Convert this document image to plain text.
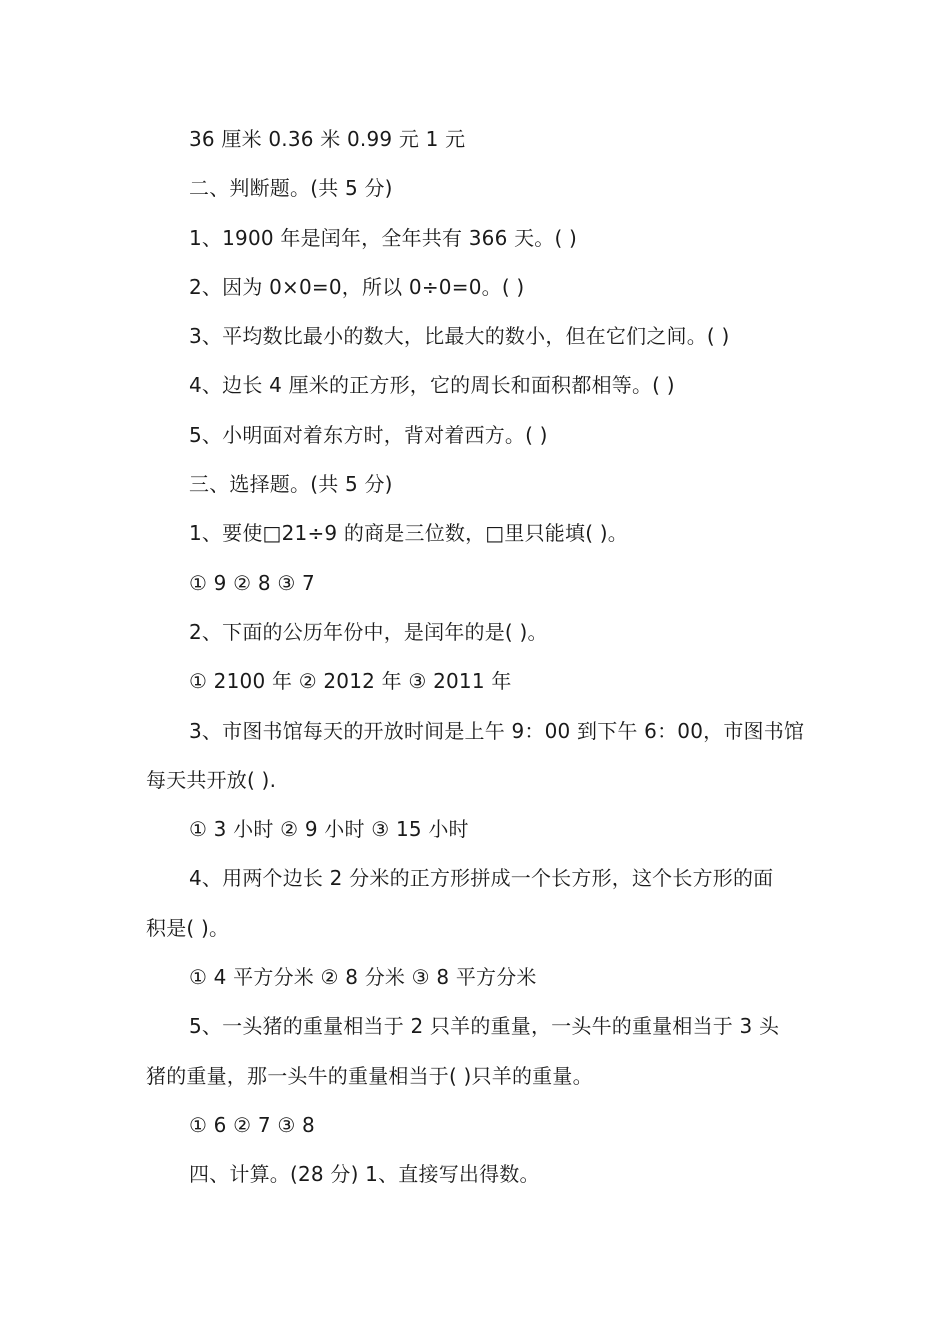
36 厘米 0.36 米 0.99 元 1 元
二、判断题。(共 5 分)
1、1900 年是闰年，全年共有 366 天。( )
2、因为 0×0=0，所以 0÷0=0。( )
3、平均数比最小的数大，比最大的数小，但在它们之间。( )
4、边长 4 厘米的正方形，它的周长和面积都相等。( )
5、小明面对着东方时，背对着西方。( )
三、选择题。(共 5 分)
1、要使□21÷9 的商是三位数，□里只能填( )。
① 9 ② 8 ③ 7
2、下面的公历年份中，是闰年的是( )。
① 2100 年 ② 2012 年 ③ 2011 年
3、市图书馆每天的开放时间是上午 9：00 到下午 6：00，市图书馆
每天共开放( ).
① 3 小时 ② 9 小时 ③ 15 小时
4、用两个边长 2 分米的正方形拼成一个长方形，这个长方形的面
积是( )。
① 4 平方分米 ② 8 分米 ③ 8 平方分米
5、一头猪的重量相当于 2 只羊的重量，一头牛的重量相当于 3 头
猪的重量，那一头牛的重量相当于( )只羊的重量。
① 6 ② 7 ③ 8
四、计算。(28 分) 1、直接写出得数。
